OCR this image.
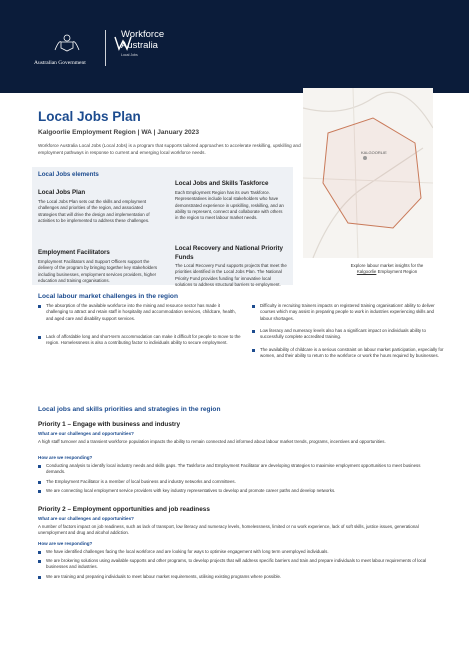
Australian Government
Workforce
Australia
Local Jobs
Local Jobs Plan
Kalgoorlie Employment Region | WA | January 2023
Workforce Australia Local Jobs (Local Jobs) is a program that supports tailored approaches to accelerate reskilling, upskilling and employment pathways in response to current and emerging local workforce needs.
Local Jobs elements
Local Jobs Plan
The Local Jobs Plan sets out the skills and employment challenges and priorities of the region, and associated strategies that will drive the design and implementation of activities to be implemented to address these challenges.
Employment Facilitators
Employment Facilitators and Support Officers support the delivery of the program by bringing together key stakeholders including businesses, employment services providers, higher education and training organisations.
Local Jobs and Skills Taskforce
Each Employment Region has its own Taskforce. Representatives include local stakeholders who have demonstrated experience in upskilling, reskilling, and an ability to represent, connect and collaborate with others in the region to meet labour market needs.
Local Recovery and National Priority Funds
The Local Recovery Fund supports projects that meet the priorities identified in the Local Jobs Plan. The National Priority Fund provides funding for innovative local solutions to address structural barriers to employment.
KALGOORLIE
Explore labour market insights for the
Kalgoorlie Employment Region
Local labour market challenges in the region
The absorption of the available workforce into the mining and resource sector has made it challenging to attract and retain staff in hospitality and accommodation services, childcare, health, and aged care and disability support services.
Lack of affordable long and short-term accommodation can make it difficult for people to move to the region. Homelessness is also a contributing factor to individuals ability to secure employment.
Difficulty in recruiting trainers impacts on registered training organisations' ability to deliver courses which may assist in preparing people to work in industries experiencing skills and labour shortages.
Low literacy and numeracy levels also has a significant impact on individuals ability to successfully complete accredited training.
The availability of childcare is a serious constraint on labour market participation, especially for women, and their ability to return to the workforce or work the hours required by businesses.
Local jobs and skills priorities and strategies in the region
Priority 1 – Engage with business and industry
What are our challenges and opportunities?
A high staff turnover and a transient workforce population impacts the ability to remain connected and informed about labour market trends, programs, incentives and opportunities.
How are we responding?
Conducting analysis to identify local industry needs and skills gaps. The Taskforce and Employment Facilitator are developing strategies to maximise employment opportunities to meet business demands.
The Employment Facilitator is a member of local business and industry networks and committees.
We are connecting local employment service providers with key industry representatives to develop and promote career paths and develop networks.
Priority 2 – Employment opportunities and job readiness
What are our challenges and opportunities?
A number of factors impact on job readiness, such as lack of transport, low literacy and numeracy levels, homelessness, limited or no work experience, lack of soft skills, justice issues, generational unemployment and drug and alcohol addiction.
How are we responding?
We have identified challenges facing the local workforce and are looking for ways to optimise engagement with long term unemployed individuals.
We are brokering solutions using available supports and other programs, to develop projects that will address specific barriers and train and prepare individuals to meet labour requirements of local businesses and industries.
We are training and preparing individuals to meet labour market requirements, utilising existing programs where possible.
